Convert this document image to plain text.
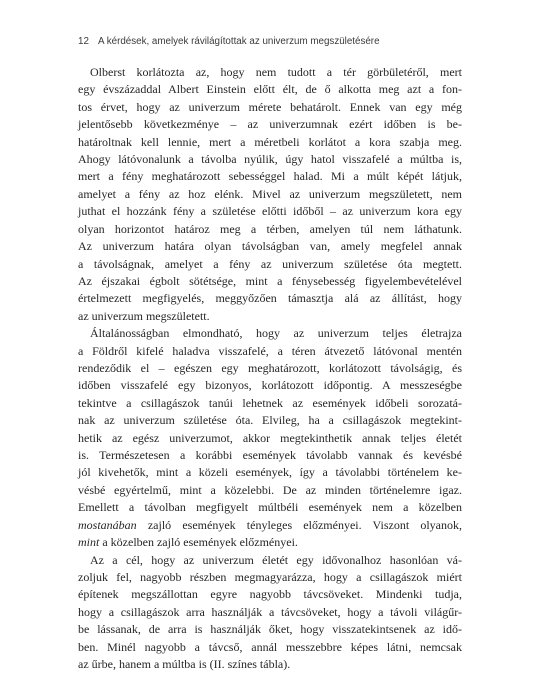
12 A kérdések, amelyek rávilágítottak az univerzum megszületésére
Olberst korlátozta az, hogy nem tudott a tér görbületéről, mert
egy évszázaddal Albert Einstein előtt élt, de ő alkotta meg azt a fon-
tos érvet, hogy az univerzum mérete behatárolt. Ennek van egy még
jelentősebb következménye – az univerzumnak ezért időben is be-
határoltnak kell lennie, mert a méretbeli korlátot a kora szabja meg.
Ahogy látóvonalunk a távolba nyúlik, úgy hatol visszafelé a múltba is,
mert a fény meghatározott sebességgel halad. Mi a múlt képét látjuk,
amelyet a fény az hoz elénk. Mivel az univerzum megszületett, nem
juthat el hozzánk fény a születése előtti időből – az univerzum kora egy
olyan horizontot határoz meg a térben, amelyen túl nem láthatunk.
Az univerzum határa olyan távolságban van, amely megfelel annak
a távolságnak, amelyet a fény az univerzum születése óta megtett.
Az éjszakai égbolt sötétsége, mint a fénysebesség figyelembevételével
értelmezett megfigyelés, meggyőzően támasztja alá az állítást, hogy
az univerzum megszületett.
Általánosságban elmondható, hogy az univerzum teljes életrajza
a Földről kifelé haladva visszafelé, a téren átvezető látóvonal mentén
rendeződik el – egészen egy meghatározott, korlátozott távolságig, és
időben visszafelé egy bizonyos, korlátozott időpontig. A messzeségbe
tekintve a csillagászok tanúi lehetnek az események időbeli sorozatá-
nak az univerzum születése óta. Elvileg, ha a csillagászok megtekint-
hetik az egész univerzumot, akkor megtekinthetik annak teljes életét
is. Természetesen a korábbi események távolabb vannak és kevésbé
jól kivehetők, mint a közeli események, így a távolabbi történelem ke-
vésbé egyértelmű, mint a közelebbi. De az minden történelemre igaz.
Emellett a távolban megfigyelt múltbéli események nem a közelben
mostanában zajló események tényleges előzményei. Viszont olyanok,
mint a közelben zajló események előzményei.
Az a cél, hogy az univerzum életét egy idővonalhoz hasonlóan vá-
zoljuk fel, nagyobb részben megmagyarázza, hogy a csillagászok miért
építenek megszállottan egyre nagyobb távcsöveket. Mindenki tudja,
hogy a csillagászok arra használják a távcsöveket, hogy a távoli világűr-
be lássanak, de arra is használják őket, hogy visszatekintsenek az idő-
ben. Minél nagyobb a távcső, annál messzebbre képes látni, nemcsak
az űrbe, hanem a múltba is (II. színes tábla).
